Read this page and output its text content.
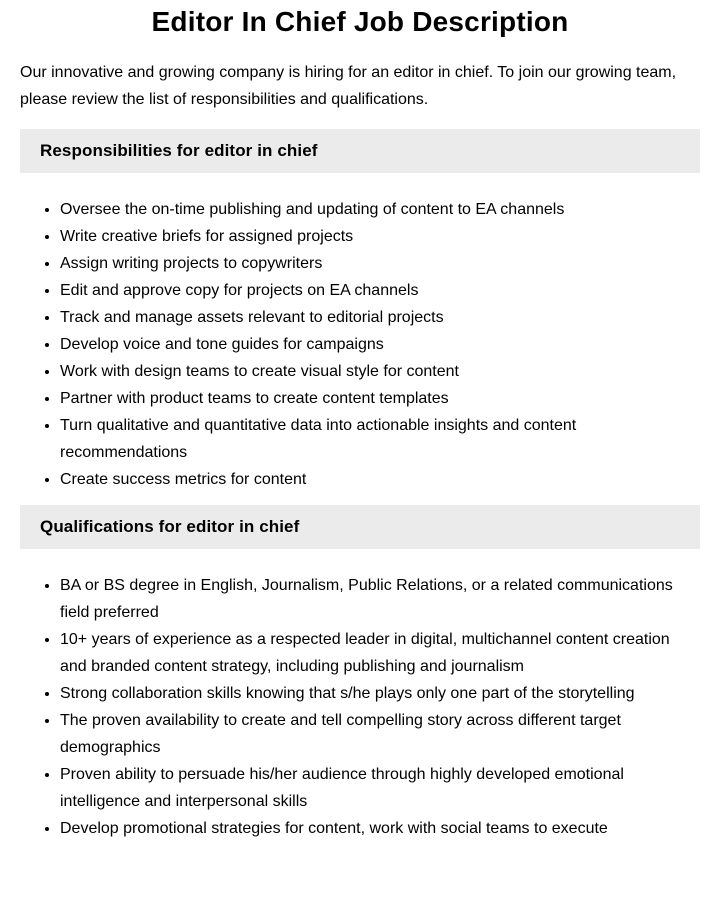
Editor In Chief Job Description

Our innovative and growing company is hiring for an editor in chief. To join our growing team, please review the list of responsibilities and qualifications.

Responsibilities for editor in chief
• Oversee the on-time publishing and updating of content to EA channels
• Write creative briefs for assigned projects
• Assign writing projects to copywriters
• Edit and approve copy for projects on EA channels
• Track and manage assets relevant to editorial projects
• Develop voice and tone guides for campaigns
• Work with design teams to create visual style for content
• Partner with product teams to create content templates
• Turn qualitative and quantitative data into actionable insights and content recommendations
• Create success metrics for content
Qualifications for editor in chief
• BA or BS degree in English, Journalism, Public Relations, or a related communications field preferred
• 10+ years of experience as a respected leader in digital, multichannel content creation and branded content strategy, including publishing and journalism
• Strong collaboration skills knowing that s/he plays only one part of the storytelling
• The proven availability to create and tell compelling story across different target demographics
• Proven ability to persuade his/her audience through highly developed emotional intelligence and interpersonal skills
• Develop promotional strategies for content, work with social teams to execute
